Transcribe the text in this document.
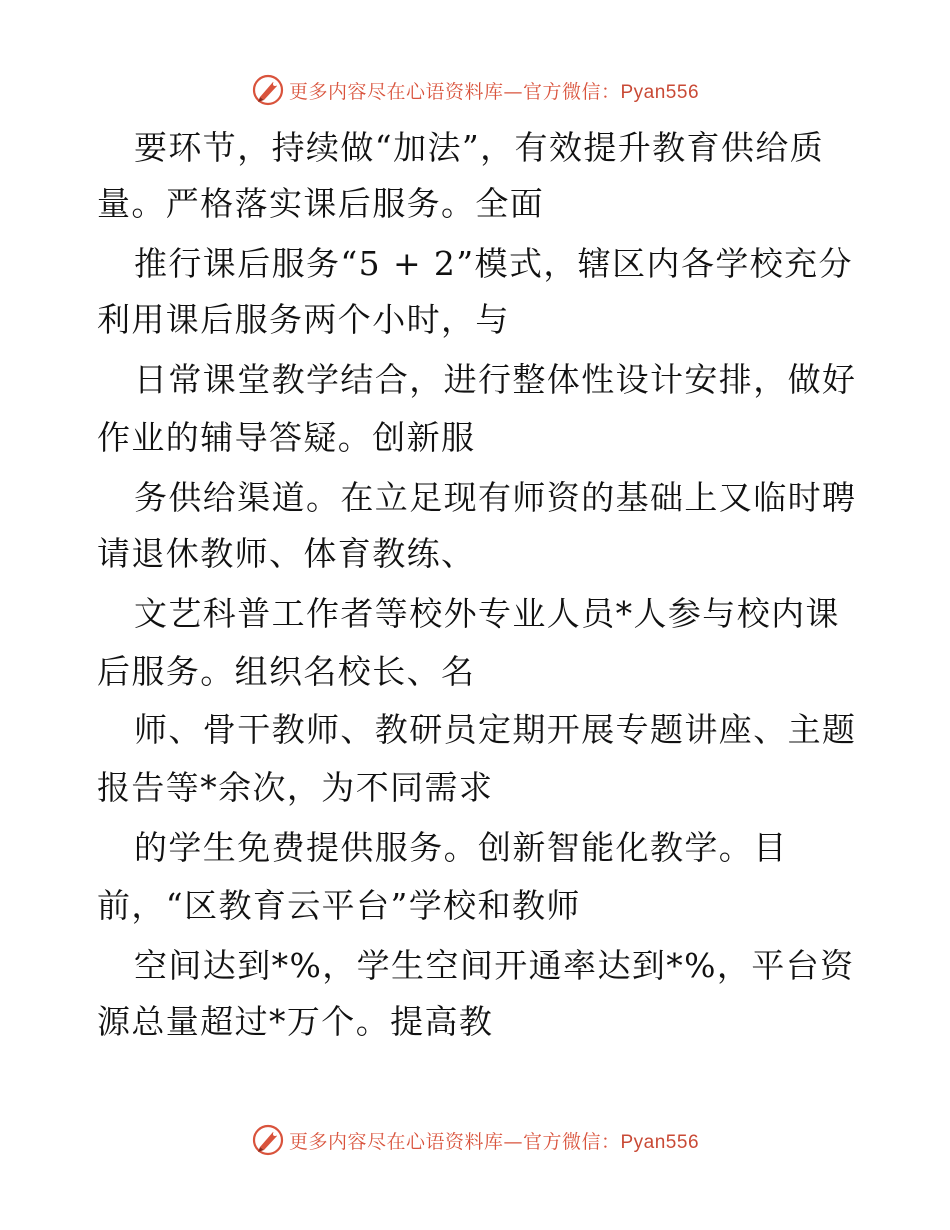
更多内容尽在心语资料库—官方微信：Pyan556
要环节，持续做“加法”，有效提升教育供给质
量。严格落实课后服务。全面
推行课后服务“5 + 2”模式，辖区内各学校充分
利用课后服务两个小时，与
日常课堂教学结合，进行整体性设计安排，做好
作业的辅导答疑。创新服
务供给渠道。在立足现有师资的基础上又临时聘
请退休教师、体育教练、
文艺科普工作者等校外专业人员*人参与校内课
后服务。组织名校长、名
师、骨干教师、教研员定期开展专题讲座、主题
报告等*余次，为不同需求
的学生免费提供服务。创新智能化教学。目
前，“区教育云平台”学校和教师
空间达到*%，学生空间开通率达到*%，平台资
源总量超过*万个。提高教
更多内容尽在心语资料库—官方微信：Pyan556
